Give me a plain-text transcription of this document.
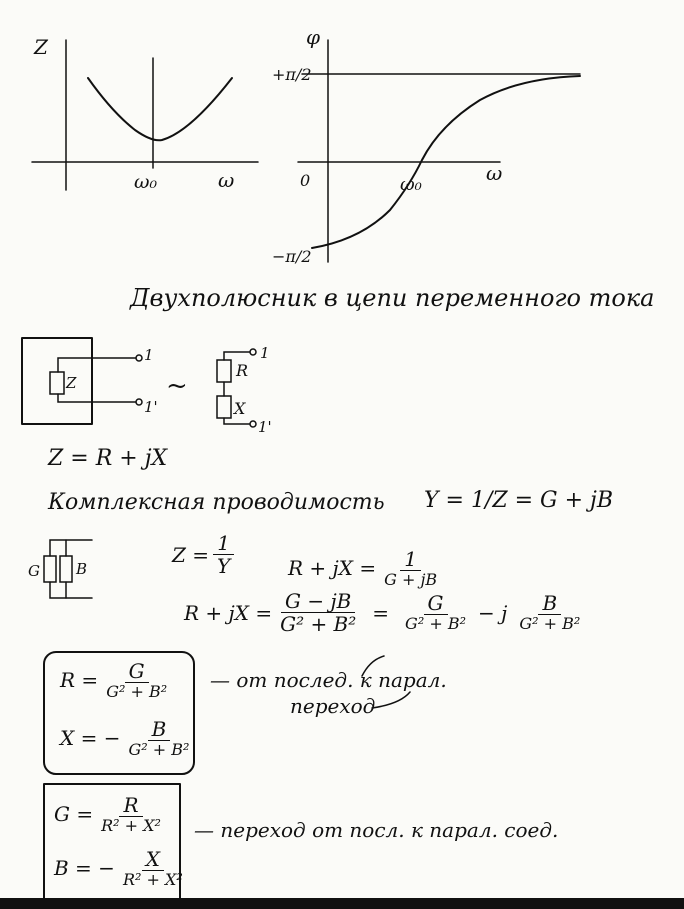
Z
ω
ω₀
φ
ω
ω₀
0
+π/2
−π/2
Z
1
1'
~
R
X
1
1'
G B
Двухполюсник в цепи переменного тока
Z = R + jX
Комплексная проводимость Y = 1/Z = G + jB
$Z = \frac{1}{Y}$	R + jX = $\frac{1}{G + jB}$
R + jX = $\frac{G - jB}{\text{G² + B²}} = \frac{G}{\text{G² + B²}} - j \frac{B}{\text{G² + B²}}$
$R = \frac{G}{\text{G² + B²}}$
X = − $\frac{B}{\text{G² + B²}}$
— от послед. к парал.
переход
$G = \frac{R}{\text{R² + X²}}$
B = − $\frac{X}{\text{R² + X²}}$
— переход от посл. к парал. соед.
